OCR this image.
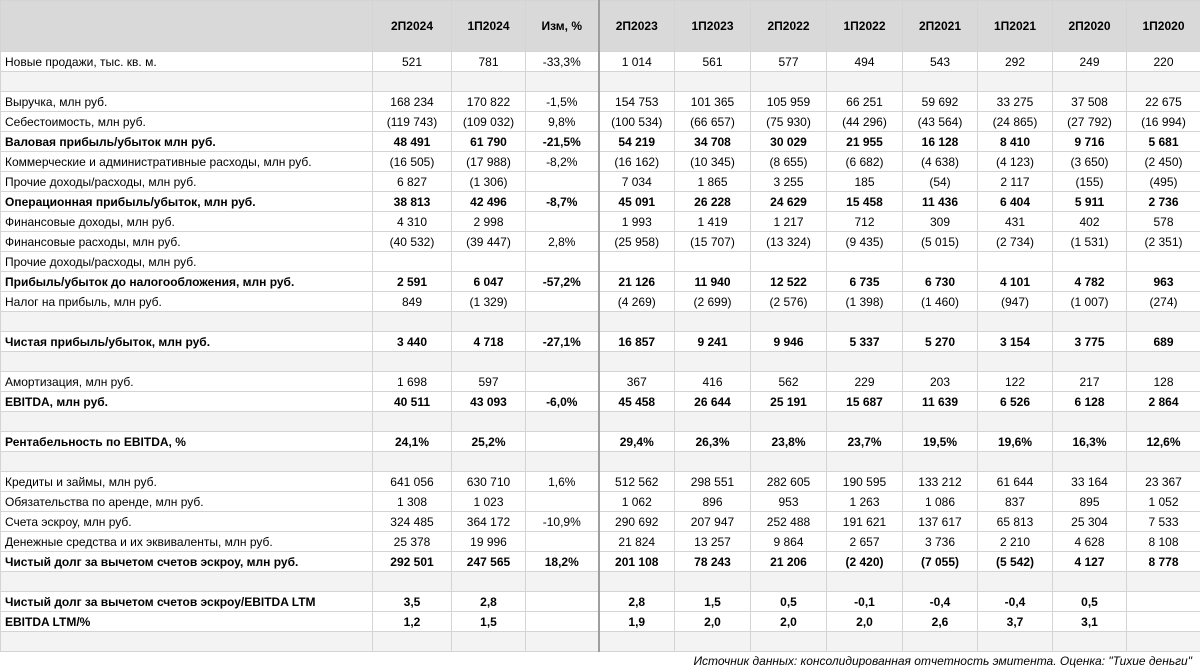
	2П2024	1П2024	Изм, %	2П2023	1П2023	2П2022	1П2022	2П2021	1П2021	2П2020	1П2020
Новые продажи, тыс. кв. м.	521	781	-33,3%	1 014	561	577	494	543	292	249	220

Выручка, млн руб.	168 234	170 822	-1,5%	154 753	101 365	105 959	66 251	59 692	33 275	37 508	22 675
Себестоимость, млн руб.	(119 743)	(109 032)	9,8%	(100 534)	(66 657)	(75 930)	(44 296)	(43 564)	(24 865)	(27 792)	(16 994)
Валовая прибыль/убыток млн руб.	48 491	61 790	-21,5%	54 219	34 708	30 029	21 955	16 128	8 410	9 716	5 681
Коммерческие и административные расходы, млн руб.	(16 505)	(17 988)	-8,2%	(16 162)	(10 345)	(8 655)	(6 682)	(4 638)	(4 123)	(3 650)	(2 450)
Прочие доходы/расходы, млн руб.	6 827	(1 306)		7 034	1 865	3 255	185	(54)	2 117	(155)	(495)
Операционная прибыль/убыток, млн руб.	38 813	42 496	-8,7%	45 091	26 228	24 629	15 458	11 436	6 404	5 911	2 736
Финансовые доходы, млн руб.	4 310	2 998		1 993	1 419	1 217	712	309	431	402	578
Финансовые расходы, млн руб.	(40 532)	(39 447)	2,8%	(25 958)	(15 707)	(13 324)	(9 435)	(5 015)	(2 734)	(1 531)	(2 351)
Прочие доходы/расходы, млн руб.											
Прибыль/убыток до налогообложения, млн руб.	2 591	6 047	-57,2%	21 126	11 940	12 522	6 735	6 730	4 101	4 782	963
Налог на прибыль, млн руб.	849	(1 329)		(4 269)	(2 699)	(2 576)	(1 398)	(1 460)	(947)	(1 007)	(274)

Чистая прибыль/убыток, млн руб.	3 440	4 718	-27,1%	16 857	9 241	9 946	5 337	5 270	3 154	3 775	689

Амортизация, млн руб.	1 698	597		367	416	562	229	203	122	217	128
EBITDA, млн руб.	40 511	43 093	-6,0%	45 458	26 644	25 191	15 687	11 639	6 526	6 128	2 864

Рентабельность по EBITDA, %	24,1%	25,2%		29,4%	26,3%	23,8%	23,7%	19,5%	19,6%	16,3%	12,6%

Кредиты и займы, млн руб.	641 056	630 710	1,6%	512 562	298 551	282 605	190 595	133 212	61 644	33 164	23 367
Обязательства по аренде, млн руб.	1 308	1 023		1 062	896	953	1 263	1 086	837	895	1 052
Счета эскроу, млн руб.	324 485	364 172	-10,9%	290 692	207 947	252 488	191 621	137 617	65 813	25 304	7 533
Денежные средства и их эквиваленты, млн руб.	25 378	19 996		21 824	13 257	9 864	2 657	3 736	2 210	4 628	8 108
Чистый долг за вычетом счетов эскроу, млн руб.	292 501	247 565	18,2%	201 108	78 243	21 206	(2 420)	(7 055)	(5 542)	4 127	8 778

Чистый долг за вычетом счетов эскроу/EBITDA LTM	3,5	2,8		2,8	1,5	0,5	-0,1	-0,4	-0,4	0,5	
EBITDA LTM/%	1,2	1,5		1,9	2,0	2,0	2,0	2,6	3,7	3,1	

Источник данных: консолидированная отчетность эмитента. Оценка: "Тихие деньги"
